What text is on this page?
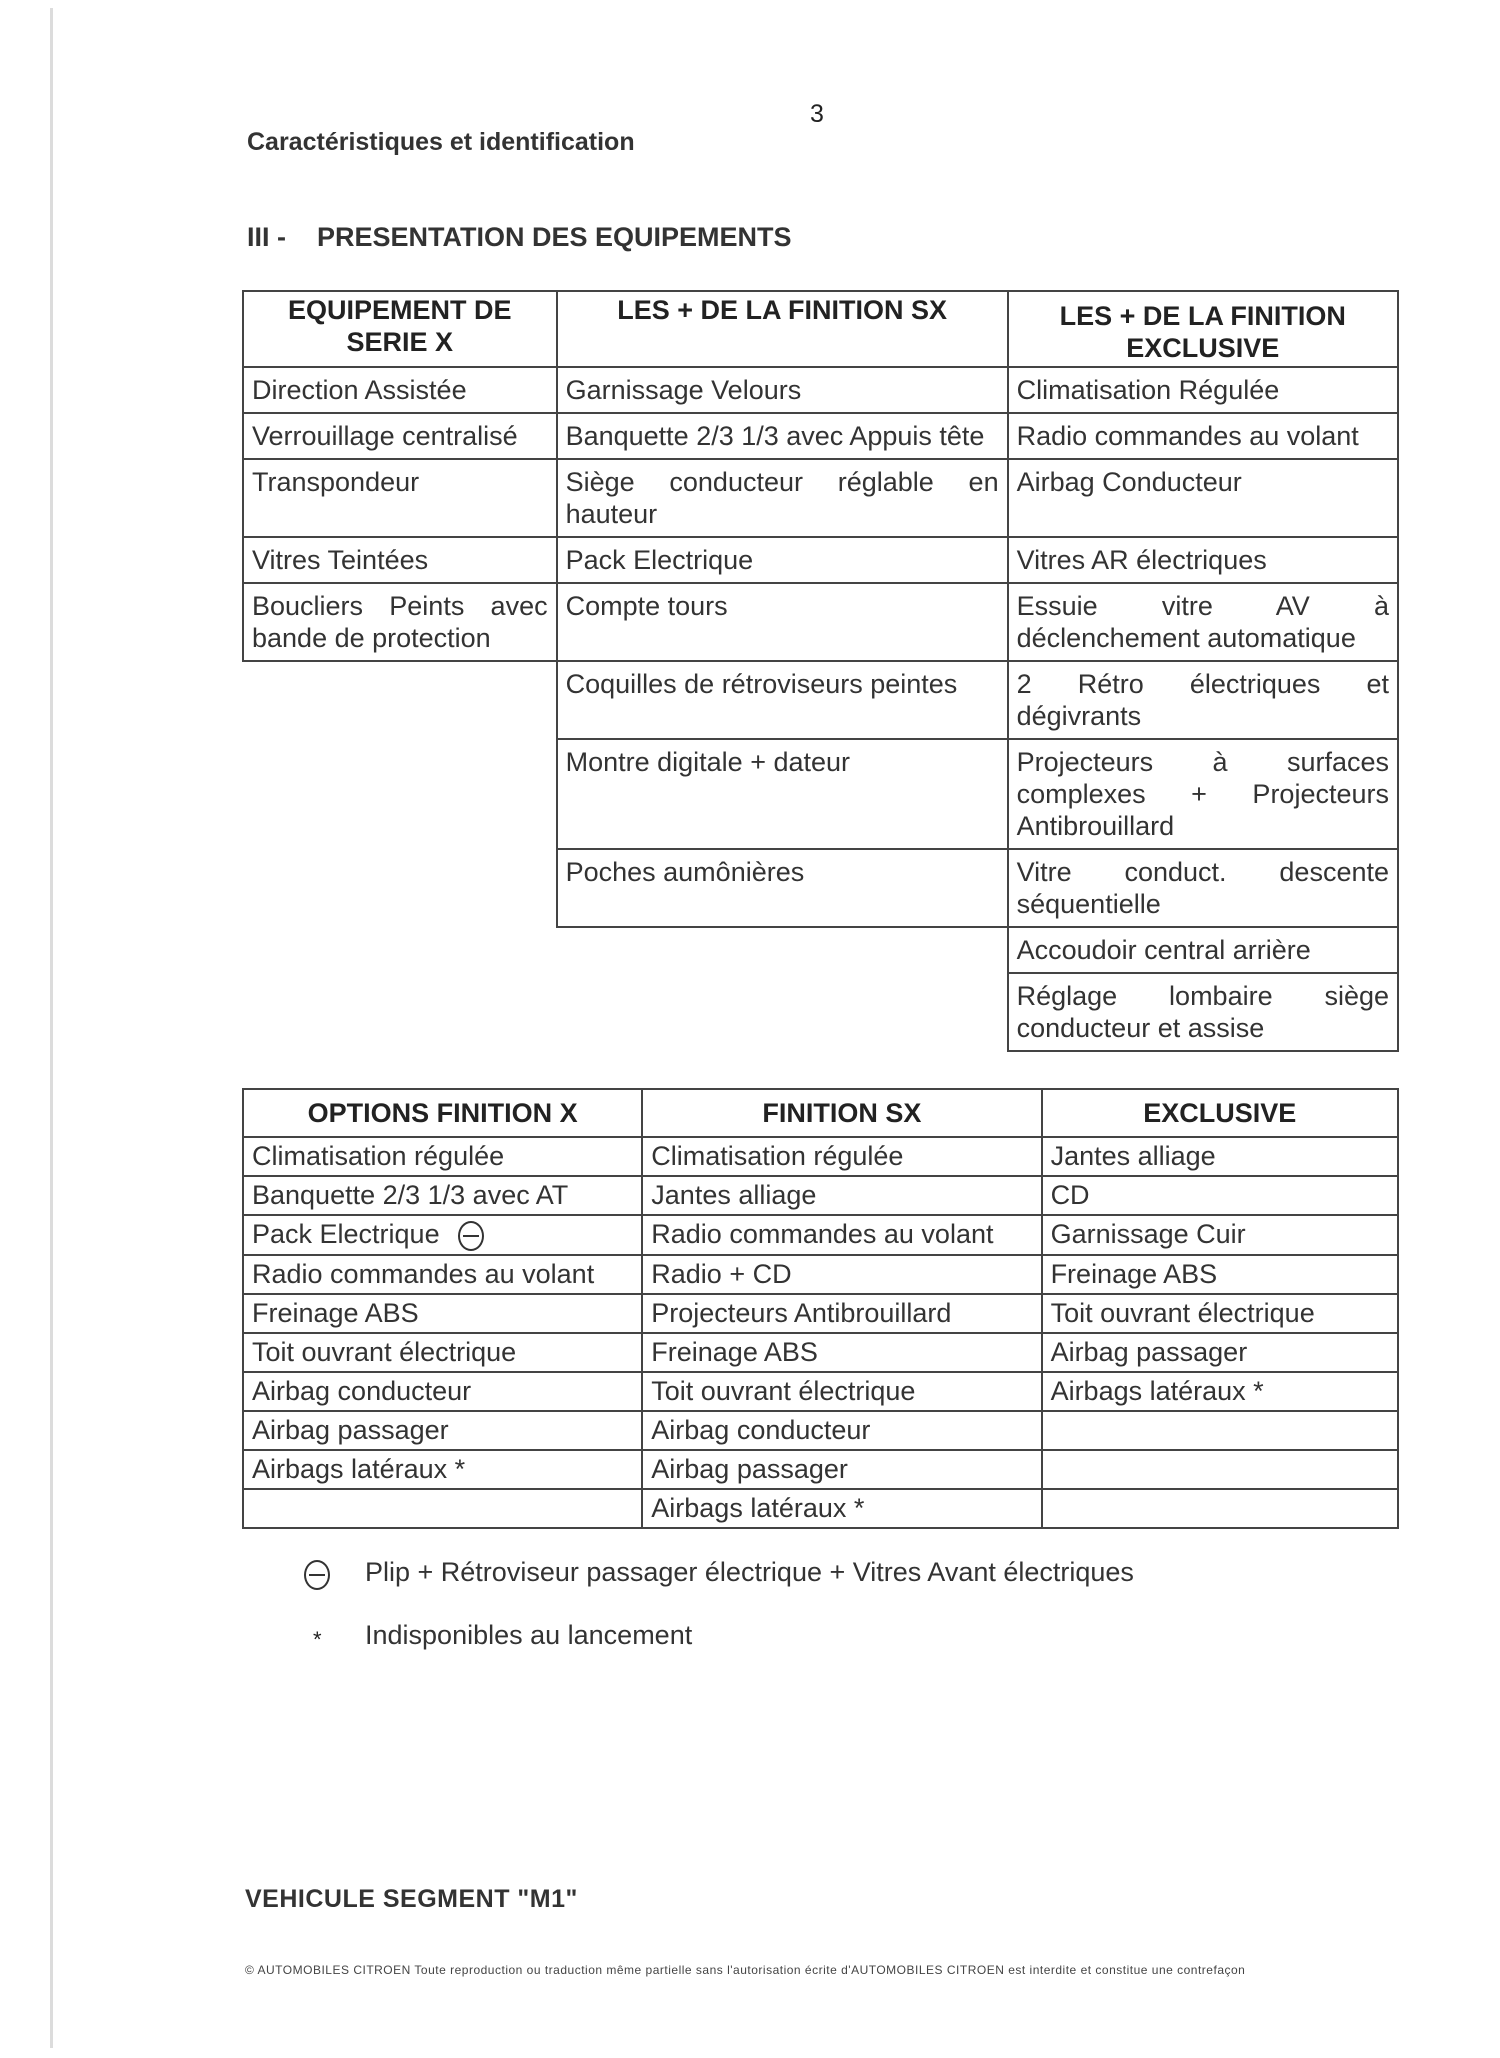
3
Caractéristiques et identification
III - PRESENTATION DES EQUIPEMENTS
EQUIPEMENT DE SERIE X	LES + DE LA FINITION SX	LES + DE LA FINITION EXCLUSIVE
Direction Assistée	Garnissage Velours	Climatisation Régulée
Verrouillage centralisé	Banquette 2/3 1/3 avec Appuis tête	Radio commandes au volant
Transpondeur	Siège conducteur réglable en hauteur	Airbag Conducteur
Vitres Teintées	Pack Electrique	Vitres AR électriques
Boucliers Peints avec bande de protection	Compte tours	Essuie vitre AV à déclenchement automatique
	Coquilles de rétroviseurs peintes	2 Rétro électriques et dégivrants
	Montre digitale + dateur	Projecteurs à surfaces complexes + Projecteurs Antibrouillard
	Poches aumônières	Vitre conduct. descente séquentielle
		Accoudoir central arrière
		Réglage lombaire siège conducteur et assise
OPTIONS FINITION X	FINITION SX	EXCLUSIVE
Climatisation régulée	Climatisation régulée	Jantes alliage
Banquette 2/3 1/3 avec AT	Jantes alliage	CD
Pack Electrique	Radio commandes au volant	Garnissage Cuir
Radio commandes au volant	Radio + CD	Freinage ABS
Freinage ABS	Projecteurs Antibrouillard	Toit ouvrant électrique
Toit ouvrant électrique	Freinage ABS	Airbag passager
Airbag conducteur	Toit ouvrant électrique	Airbags latéraux *
Airbag passager	Airbag conducteur	
Airbags latéraux *	Airbag passager	
	Airbags latéraux *	
Plip + Rétroviseur passager électrique + Vitres Avant électriques
* Indisponibles au lancement
VEHICULE SEGMENT "M1"
© AUTOMOBILES CITROEN Toute reproduction ou traduction même partielle sans l'autorisation écrite d'AUTOMOBILES CITROEN est interdite et constitue une contrefaçon
